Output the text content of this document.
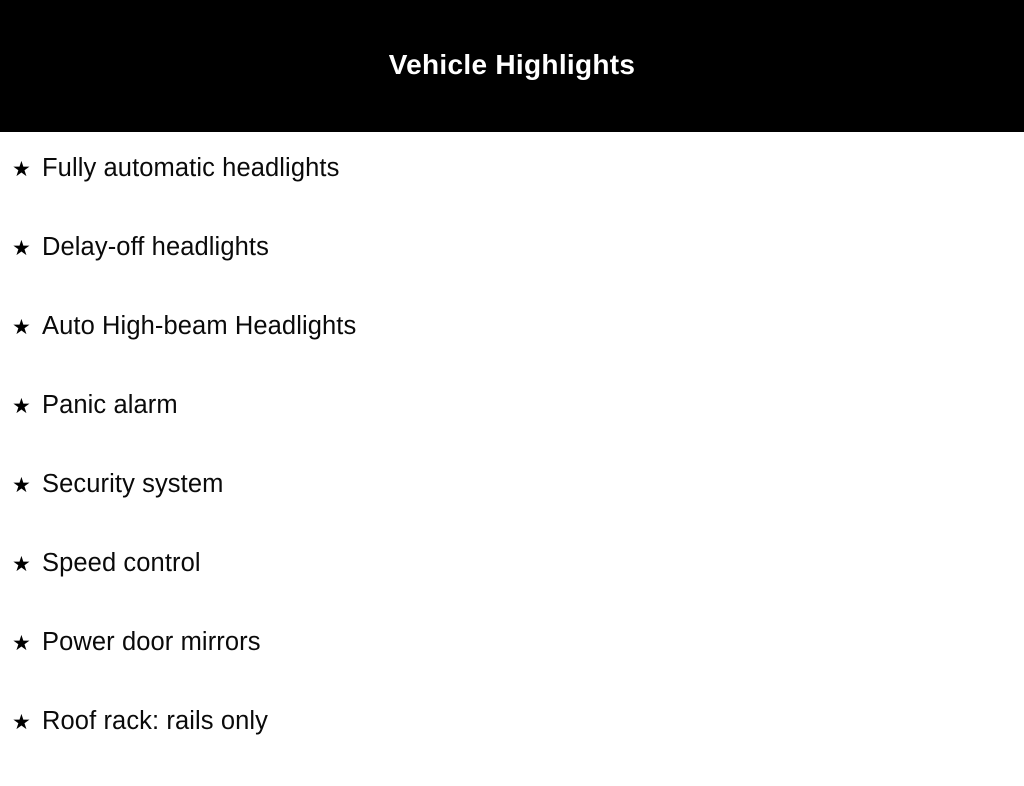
Vehicle Highlights
★ Fully automatic headlights
★ Delay-off headlights
★ Auto High-beam Headlights
★ Panic alarm
★ Security system
★ Speed control
★ Power door mirrors
★ Roof rack: rails only
